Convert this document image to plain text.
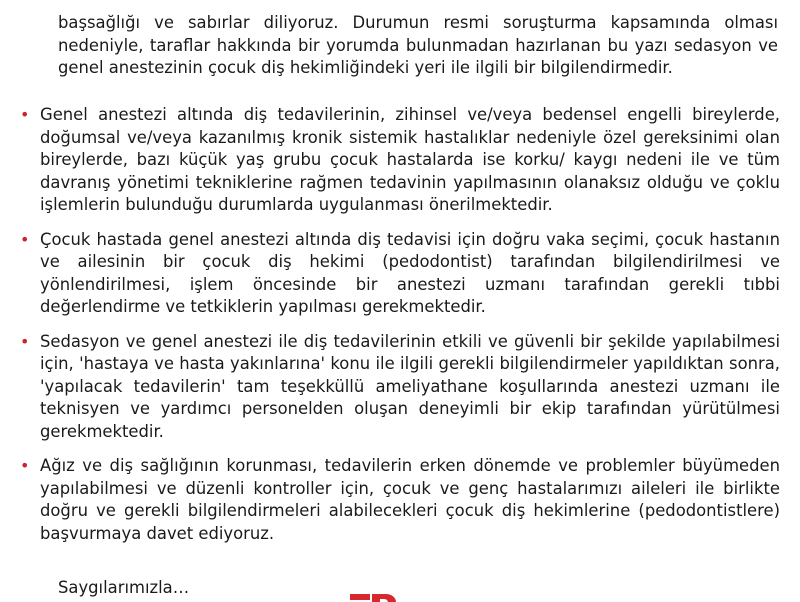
başsağlığı ve sabırlar diliyoruz. Durumun resmi soruşturma kapsamında olması nedeniyle, taraflar hakkında bir yorumda bulunmadan hazırlanan bu yazı sedasyon ve genel anestezinin çocuk diş hekimliğindeki yeri ile ilgili bir bilgilendirmedir.

• Genel anestezi altında diş tedavilerinin, zihinsel ve/veya bedensel engelli bireylerde, doğumsal ve/veya kazanılmış kronik sistemik hastalıklar nedeniyle özel gereksinimi olan bireylerde, bazı küçük yaş grubu çocuk hastalarda ise korku/ kaygı nedeni ile ve tüm davranış yönetimi tekniklerine rağmen tedavinin yapılmasının olanaksız olduğu ve çoklu işlemlerin bulunduğu durumlarda uygulanması önerilmektedir.
• Çocuk hastada genel anestezi altında diş tedavisi için doğru vaka seçimi, çocuk hastanın ve ailesinin bir çocuk diş hekimi (pedodontist) tarafından bilgilendirilmesi ve yönlendirilmesi, işlem öncesinde bir anestezi uzmanı tarafından gerekli tıbbi değerlendirme ve tetkiklerin yapılması gerekmektedir.
• Sedasyon ve genel anestezi ile diş tedavilerinin etkili ve güvenli bir şekilde yapılabilmesi için, 'hastaya ve hasta yakınlarına' konu ile ilgili gerekli bilgilendirmeler yapıldıktan sonra, 'yapılacak tedavilerin' tam teşekküllü ameliyathane koşullarında anestezi uzmanı ile teknisyen ve yardımcı personelden oluşan deneyimli bir ekip tarafından yürütülmesi gerekmektedir.
• Ağız ve diş sağlığının korunması, tedavilerin erken dönemde ve problemler büyümeden yapılabilmesi ve düzenli kontroller için, çocuk ve genç hastalarımızı aileleri ile birlikte doğru ve gerekli bilgilendirmeleri alabilecekleri çocuk diş hekimlerine (pedodontistlere) başvurmaya davet ediyoruz.
Saygılarımızla…
